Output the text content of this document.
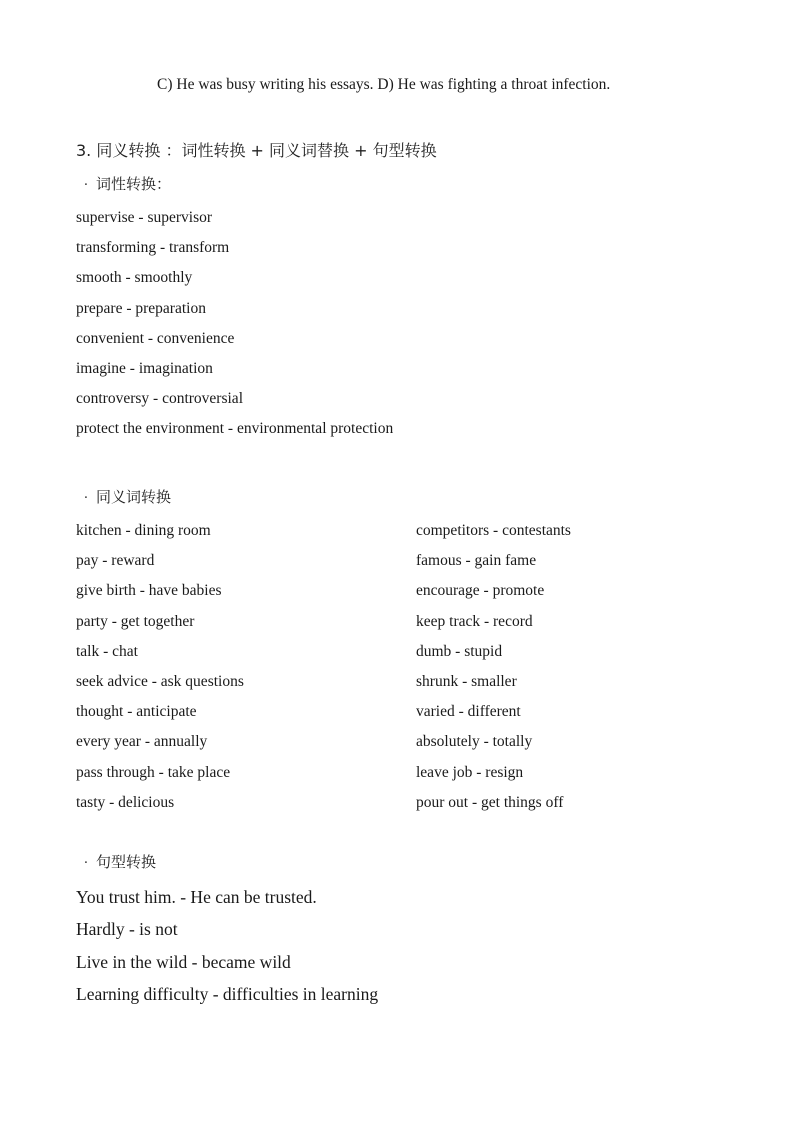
C) He was busy writing his essays. D) He was fighting a throat infection.
3. 同义转换 ：词性转换 + 同义词替换 + 句型转换
· 词性转换：
supervise - supervisor
transforming - transform
smooth - smoothly
prepare - preparation
convenient - convenience
imagine - imagination
controversy - controversial
protect the environment - environmental protection
· 同义词转换
kitchen - dining room
pay - reward
give birth - have babies
party - get together
talk - chat
seek advice - ask questions
thought - anticipate
every year - annually
pass through - take place
tasty - delicious
competitors - contestants
famous - gain fame
encourage - promote
keep track - record
dumb - stupid
shrunk - smaller
varied - different
absolutely - totally
leave job - resign
pour out - get things off
· 句型转换
You trust him. - He can be trusted.
Hardly - is not
Live in the wild - became wild
Learning difficulty - difficulties in learning
